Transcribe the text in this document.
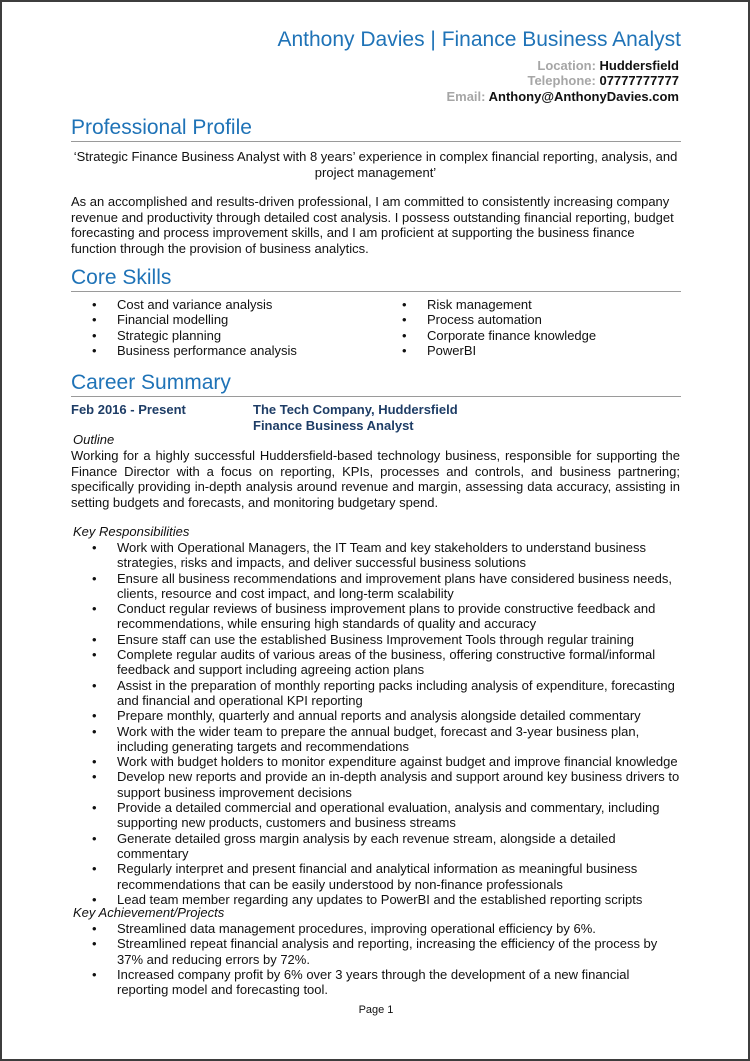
Anthony Davies | Finance Business Analyst
Location: Huddersfield
Telephone: 07777777777
Email: Anthony@AnthonyDavies.com
Professional Profile
‘Strategic Finance Business Analyst with 8 years’ experience in complex financial reporting, analysis, and project management’
As an accomplished and results-driven professional, I am committed to consistently increasing company revenue and productivity through detailed cost analysis. I possess outstanding financial reporting, budget forecasting and process improvement skills, and I am proficient at supporting the business finance function through the provision of business analytics.
Core Skills
• Cost and variance analysis
• Financial modelling
• Strategic planning
• Business performance analysis
• Risk management
• Process automation
• Corporate finance knowledge
• PowerBI
Career Summary
Feb 2016 - Present	The Tech Company, Huddersfield
Finance Business Analyst
Outline
Working for a highly successful Huddersfield-based technology business, responsible for supporting the Finance Director with a focus on reporting, KPIs, processes and controls, and business partnering; specifically providing in-depth analysis around revenue and margin, assessing data accuracy, assisting in setting budgets and forecasts, and monitoring budgetary spend.
Key Responsibilities
• Work with Operational Managers, the IT Team and key stakeholders to understand business strategies, risks and impacts, and deliver successful business solutions
• Ensure all business recommendations and improvement plans have considered business needs, clients, resource and cost impact, and long-term scalability
• Conduct regular reviews of business improvement plans to provide constructive feedback and recommendations, while ensuring high standards of quality and accuracy
• Ensure staff can use the established Business Improvement Tools through regular training
• Complete regular audits of various areas of the business, offering constructive formal/informal feedback and support including agreeing action plans
• Assist in the preparation of monthly reporting packs including analysis of expenditure, forecasting and financial and operational KPI reporting
• Prepare monthly, quarterly and annual reports and analysis alongside detailed commentary
• Work with the wider team to prepare the annual budget, forecast and 3-year business plan, including generating targets and recommendations
• Work with budget holders to monitor expenditure against budget and improve financial knowledge
• Develop new reports and provide an in-depth analysis and support around key business drivers to support business improvement decisions
• Provide a detailed commercial and operational evaluation, analysis and commentary, including supporting new products, customers and business streams
• Generate detailed gross margin analysis by each revenue stream, alongside a detailed commentary
• Regularly interpret and present financial and analytical information as meaningful business recommendations that can be easily understood by non-finance professionals
• Lead team member regarding any updates to PowerBI and the established reporting scripts
Key Achievement/Projects
• Streamlined data management procedures, improving operational efficiency by 6%.
• Streamlined repeat financial analysis and reporting, increasing the efficiency of the process by 37% and reducing errors by 72%.
• Increased company profit by 6% over 3 years through the development of a new financial reporting model and forecasting tool.
Page 1
